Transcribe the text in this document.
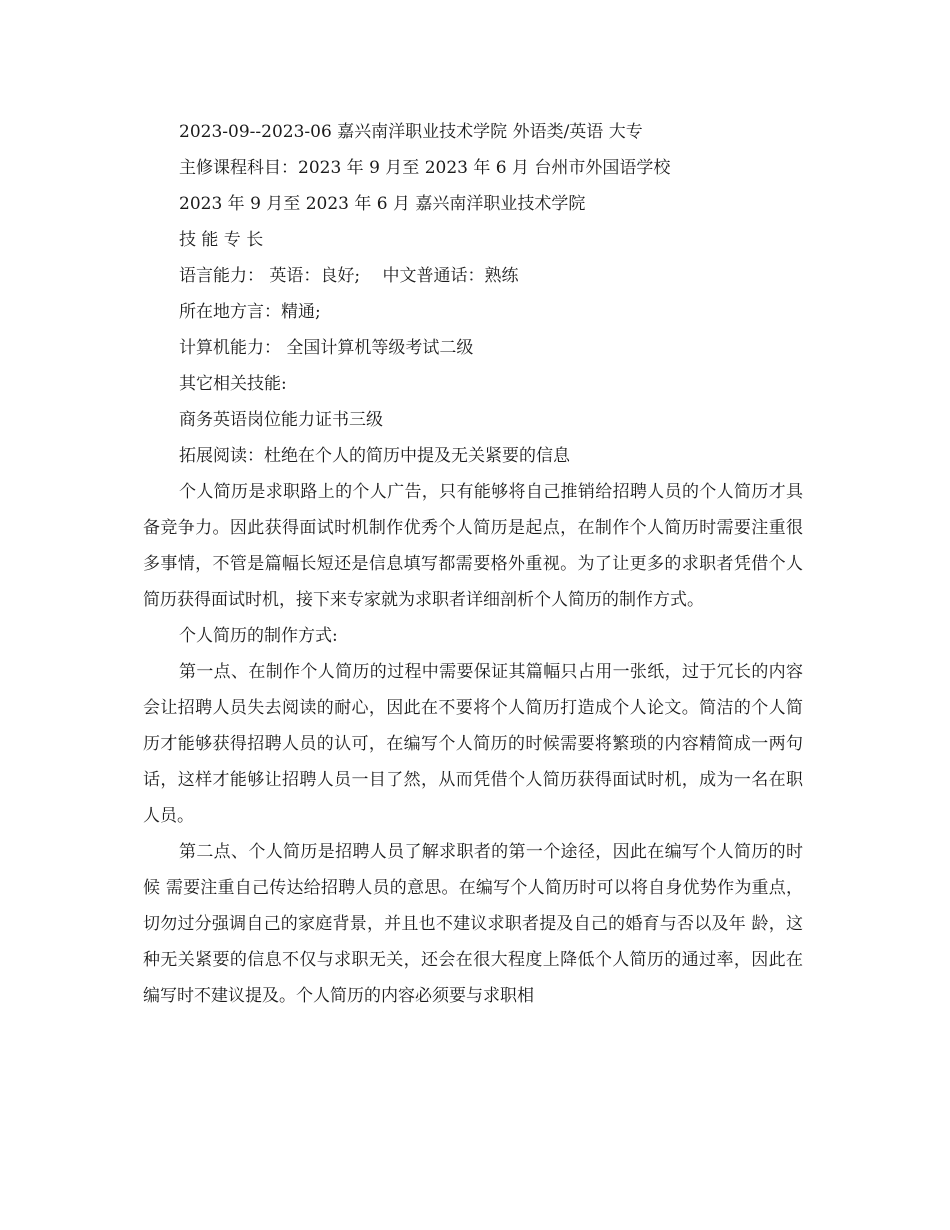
2023-09--2023-06 嘉兴南洋职业技术学院 外语类/英语 大专
主修课程科目：2023 年 9 月至 2023 年 6 月 台州市外国语学校
2023 年 9 月至 2023 年 6 月 嘉兴南洋职业技术学院
技 能 专 长
语言能力： 英语：良好;　 中文普通话：熟练
所在地方言：精通;
计算机能力： 全国计算机等级考试二级
其它相关技能:
商务英语岗位能力证书三级
拓展阅读：杜绝在个人的简历中提及无关紧要的信息

个人简历是求职路上的个人广告，只有能够将自己推销给招聘人员的个人简历才具备竞争力。因此获得面试时机制作优秀个人简历是起点，在制作个人简历时需要注重很多事情，不管是篇幅长短还是信息填写都需要格外重视。为了让更多的求职者凭借个人简历获得面试时机，接下来专家就为求职者详细剖析个人简历的制作方式。

个人简历的制作方式:

第一点、在制作个人简历的过程中需要保证其篇幅只占用一张纸，过于冗长的内容会让招聘人员失去阅读的耐心，因此在不要将个人简历打造成个人论文。简洁的个人简历才能够获得招聘人员的认可，在编写个人简历的时候需要将繁琐的内容精简成一两句话，这样才能够让招聘人员一目了然，从而凭借个人简历获得面试时机，成为一名在职人员。

第二点、个人简历是招聘人员了解求职者的第一个途径，因此在编写个人简历的时候 需要注重自己传达给招聘人员的意思。在编写个人简历时可以将自身优势作为重点，切勿过分强调自己的家庭背景，并且也不建议求职者提及自己的婚育与否以及年 龄，这种无关紧要的信息不仅与求职无关，还会在很大程度上降低个人简历的通过率，因此在编写时不建议提及。个人简历的内容必须要与求职相
